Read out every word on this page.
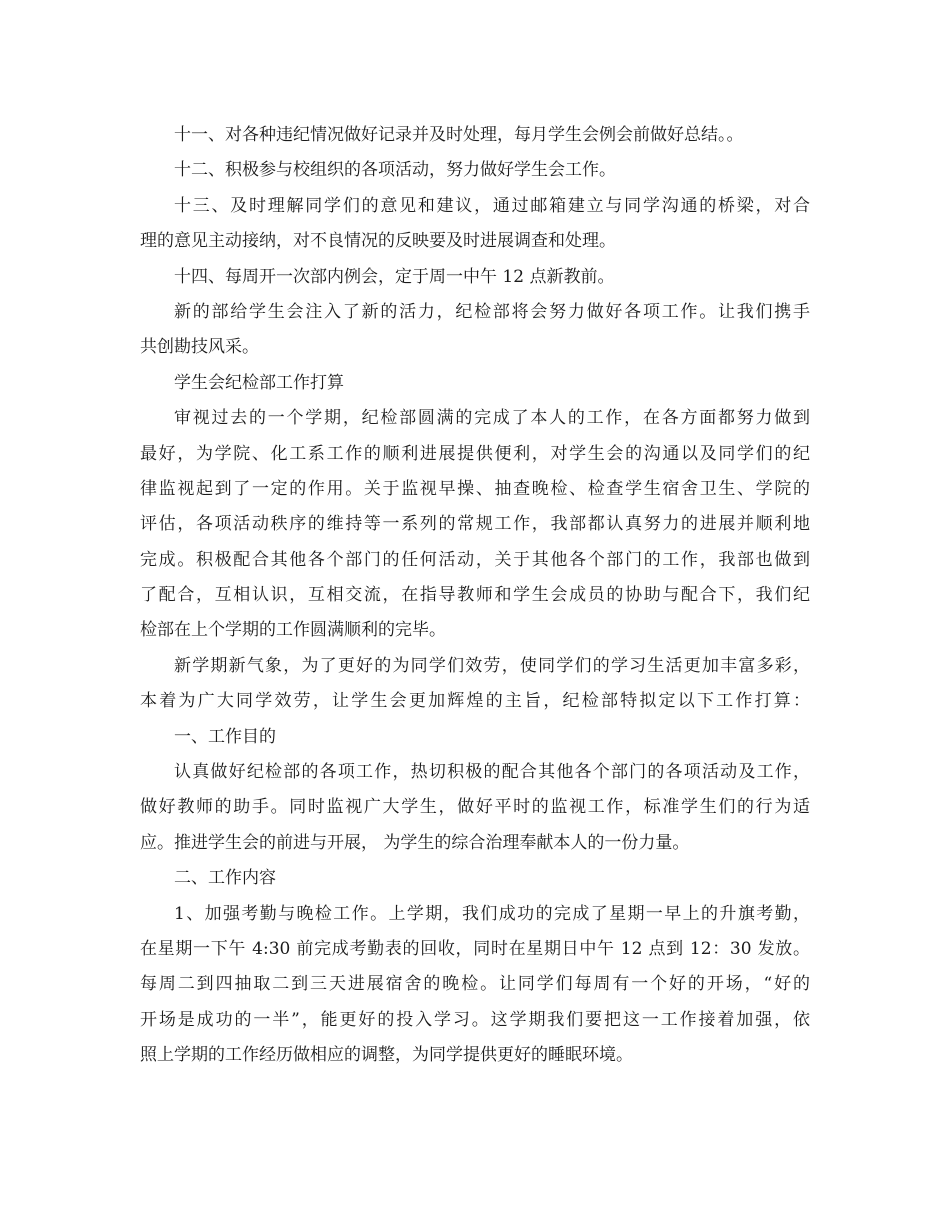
十一、对各种违纪情况做好记录并及时处理，每月学生会例会前做好总结。。
十二、积极参与校组织的各项活动，努力做好学生会工作。
十三、及时理解同学们的意见和建议，通过邮箱建立与同学沟通的桥梁，对合
理的意见主动接纳，对不良情况的反映要及时进展调查和处理。
十四、每周开一次部内例会，定于周一中午 12 点新教前。
新的部给学生会注入了新的活力，纪检部将会努力做好各项工作。让我们携手
共创勘技风采。
学生会纪检部工作打算
审视过去的一个学期，纪检部圆满的完成了本人的工作，在各方面都努力做到
最好，为学院、化工系工作的顺利进展提供便利，对学生会的沟通以及同学们的纪
律监视起到了一定的作用。关于监视早操、抽查晚检、检查学生宿舍卫生、学院的
评估，各项活动秩序的维持等一系列的常规工作，我部都认真努力的进展并顺利地
完成。积极配合其他各个部门的任何活动，关于其他各个部门的工作，我部也做到
了配合，互相认识，互相交流，在指导教师和学生会成员的协助与配合下，我们纪
检部在上个学期的工作圆满顺利的完毕。
新学期新气象，为了更好的为同学们效劳，使同学们的学习生活更加丰富多彩，
本着为广大同学效劳，让学生会更加辉煌的主旨，纪检部特拟定以下工作打算：
一、工作目的
认真做好纪检部的各项工作，热切积极的配合其他各个部门的各项活动及工作，
做好教师的助手。同时监视广大学生，做好平时的监视工作，标准学生们的行为适
应。推进学生会的前进与开展， 为学生的综合治理奉献本人的一份力量。
二、工作内容
1、加强考勤与晚检工作。上学期，我们成功的完成了星期一早上的升旗考勤，
在星期一下午 4:30 前完成考勤表的回收，同时在星期日中午 12 点到 12：30 发放。
每周二到四抽取二到三天进展宿舍的晚检。让同学们每周有一个好的开场，“好的
开场是成功的一半”，能更好的投入学习。这学期我们要把这一工作接着加强，依
照上学期的工作经历做相应的调整，为同学提供更好的睡眠环境。
